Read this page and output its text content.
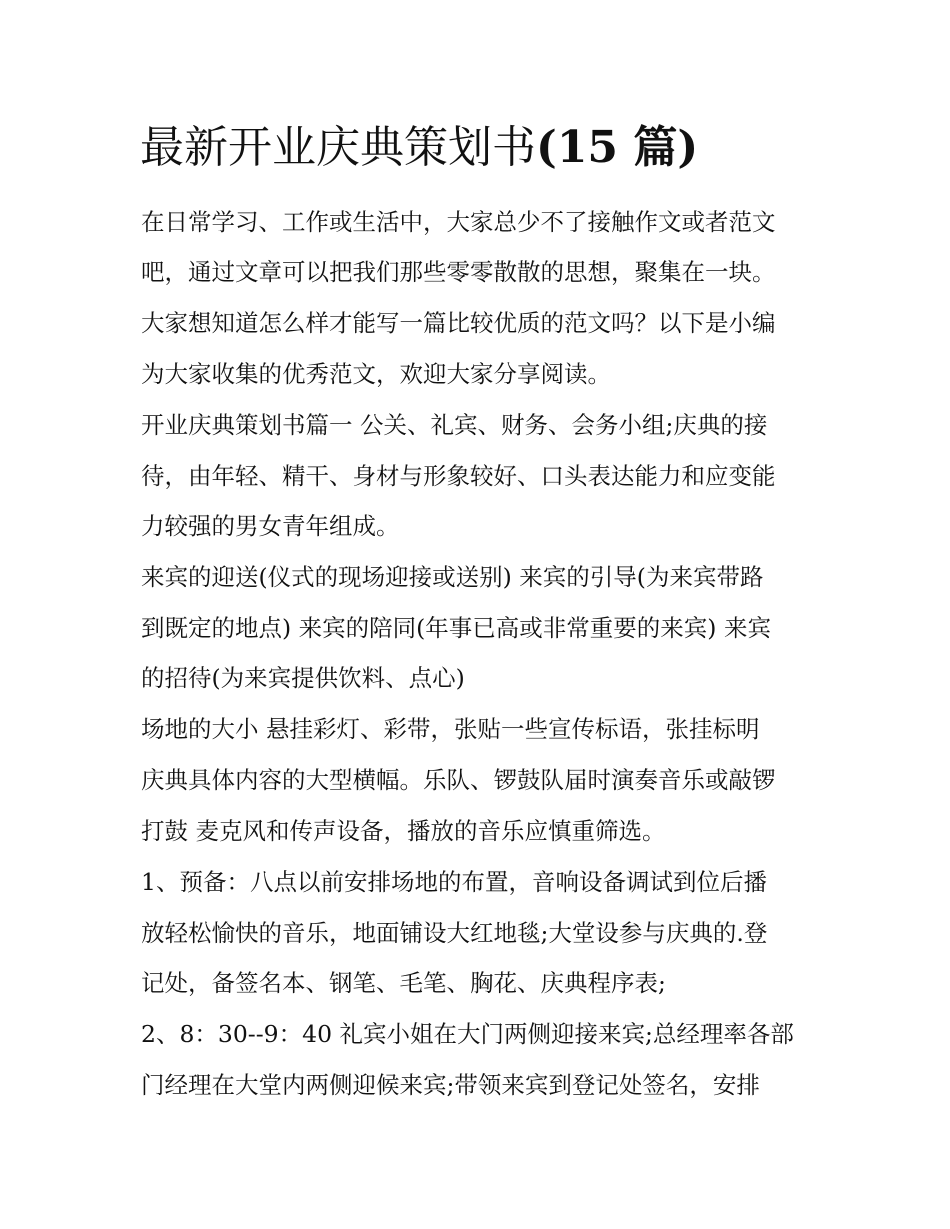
最新开业庆典策划书(15 篇)
在日常学习、工作或生活中，大家总少不了接触作文或者范文
吧，通过文章可以把我们那些零零散散的思想，聚集在一块。
大家想知道怎么样才能写一篇比较优质的范文吗？以下是小编
为大家收集的优秀范文，欢迎大家分享阅读。
开业庆典策划书篇一 公关、礼宾、财务、会务小组;庆典的接
待，由年轻、精干、身材与形象较好、口头表达能力和应变能
力较强的男女青年组成。
来宾的迎送(仪式的现场迎接或送别) 来宾的引导(为来宾带路
到既定的地点) 来宾的陪同(年事已高或非常重要的来宾) 来宾
的招待(为来宾提供饮料、点心)
场地的大小 悬挂彩灯、彩带，张贴一些宣传标语，张挂标明
庆典具体内容的大型横幅。乐队、锣鼓队届时演奏音乐或敲锣
打鼓 麦克风和传声设备，播放的音乐应慎重筛选。
1、预备：八点以前安排场地的布置，音响设备调试到位后播
放轻松愉快的音乐，地面铺设大红地毯;大堂设参与庆典的.登
记处，备签名本、钢笔、毛笔、胸花、庆典程序表;
2、8：30--9：40 礼宾小姐在大门两侧迎接来宾;总经理率各部
门经理在大堂内两侧迎候来宾;带领来宾到登记处签名，安排
